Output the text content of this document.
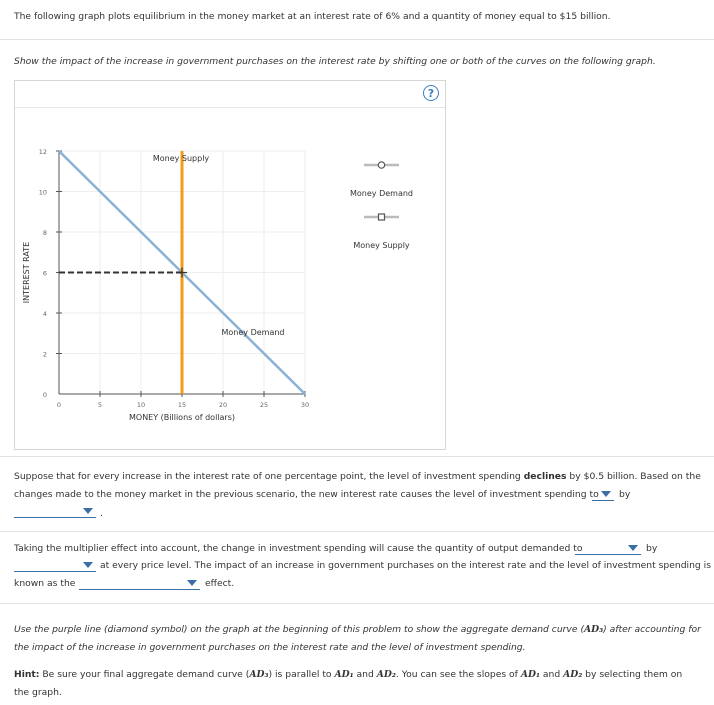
The following graph plots equilibrium in the money market at an interest rate of 6% and a quantity of money equal to $15 billion.
Show the impact of the increase in government purchases on the interest rate by shifting one or both of the curves on the following graph.
?
12
10
8
6
4
2
0
0	5	10	15	20	25	30
MONEY (Billions of dollars)
INTEREST RATE
Money Supply
Money Demand
Money Demand
Money Supply
Suppose that for every increase in the interest rate of one percentage point, the level of investment spending declines by $0.5 billion. Based on the
changes made to the money market in the previous scenario, the new interest rate causes the level of investment spending to by
.
Taking the multiplier effect into account, the change in investment spending will cause the quantity of output demanded to	by
at every price level. The impact of an increase in government purchases on the interest rate and the level of investment spending is
known as the	effect.
Use the purple line (diamond symbol) on the graph at the beginning of this problem to show the aggregate demand curve (AD₃) after accounting for
the impact of the increase in government purchases on the interest rate and the level of investment spending.
Hint: Be sure your final aggregate demand curve (AD₃) is parallel to AD₁ and AD₂. You can see the slopes of AD₁ and AD₂ by selecting them on
the graph.
